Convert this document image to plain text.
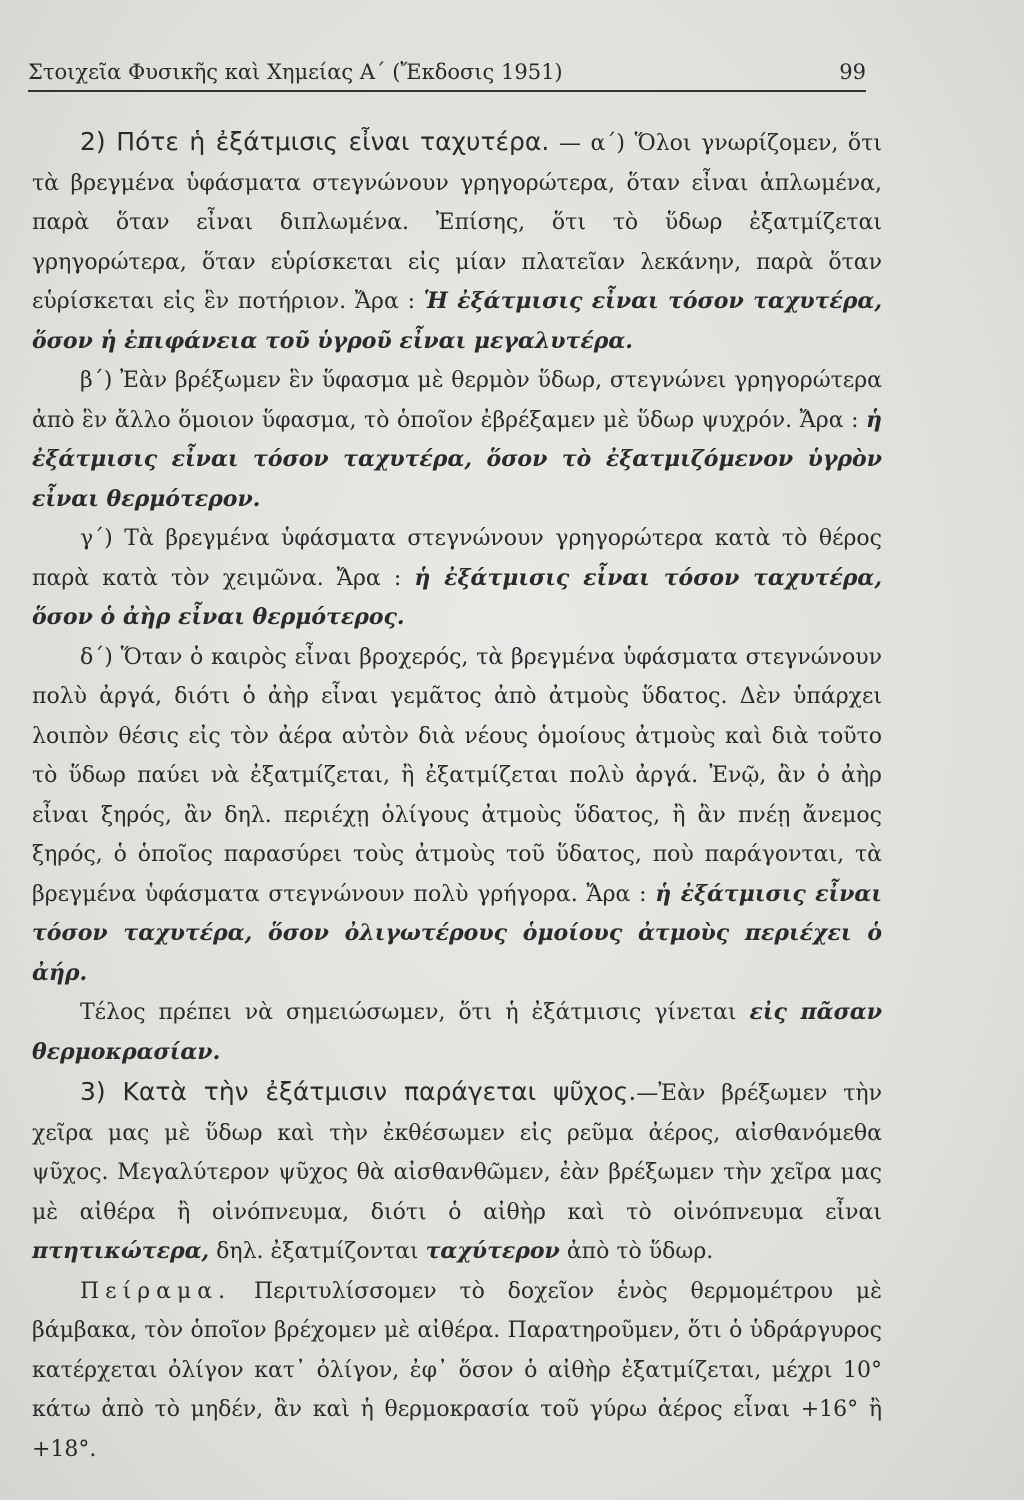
Στοιχεῖα Φυσικῆς καὶ Χημείας Α΄ (Ἔκδοσις 1951)	99

2) Πότε ἡ ἐξάτμισις εἶναι ταχυτέρα. — α΄) Ὅλοι γνωρίζομεν, ὅτι τὰ βρεγμένα ὑφάσματα στεγνώνουν γρηγορώτερα, ὅταν εἶναι ἁπλωμένα, παρὰ ὅταν εἶναι διπλωμένα. Ἐπίσης, ὅτι τὸ ὕδωρ ἐξατμίζεται γρηγορώτερα, ὅταν εὑρίσκεται εἰς μίαν πλατεῖαν λεκάνην, παρὰ ὅταν εὑρίσκεται εἰς ἓν ποτήριον. Ἄρα : Ἡ ἐξάτμισις εἶναι τόσον ταχυτέρα, ὅσον ἡ ἐπιφάνεια τοῦ ὑγροῦ εἶναι μεγαλυτέρα.

β΄) Ἐὰν βρέξωμεν ἓν ὕφασμα μὲ θερμὸν ὕδωρ, στεγνώνει γρηγορώτερα ἀπὸ ἓν ἄλλο ὅμοιον ὕφασμα, τὸ ὁποῖον ἐβρέξαμεν μὲ ὕδωρ ψυχρόν. Ἄρα : ἡ ἐξάτμισις εἶναι τόσον ταχυτέρα, ὅσον τὸ ἐξατμιζόμενον ὑγρὸν εἶναι θερμότερον.

γ΄) Τὰ βρεγμένα ὑφάσματα στεγνώνουν γρηγορώτερα κατὰ τὸ θέρος παρὰ κατὰ τὸν χειμῶνα. Ἄρα : ἡ ἐξάτμισις εἶναι τόσον ταχυτέρα, ὅσον ὁ ἀὴρ εἶναι θερμότερος.

δ΄) Ὅταν ὁ καιρὸς εἶναι βροχερός, τὰ βρεγμένα ὑφάσματα στεγνώνουν πολὺ ἀργά, διότι ὁ ἀὴρ εἶναι γεμᾶτος ἀπὸ ἀτμοὺς ὕδατος. Δὲν ὑπάρχει λοιπὸν θέσις εἰς τὸν ἀέρα αὐτὸν διὰ νέους ὁμοίους ἀτμοὺς καὶ διὰ τοῦτο τὸ ὕδωρ παύει νὰ ἐξατμίζεται, ἢ ἐξατμίζεται πολὺ ἀργά. Ἐνῷ, ἂν ὁ ἀὴρ εἶναι ξηρός, ἂν δηλ. περιέχῃ ὀλίγους ἀτμοὺς ὕδατος, ἢ ἂν πνέῃ ἄνεμος ξηρός, ὁ ὁποῖος παρασύρει τοὺς ἀτμοὺς τοῦ ὕδατος, ποὺ παράγονται, τὰ βρεγμένα ὑφάσματα στεγνώνουν πολὺ γρήγορα. Ἄρα : ἡ ἐξάτμισις εἶναι τόσον ταχυτέρα, ὅσον ὀλιγωτέρους ὁμοίους ἀτμοὺς περιέχει ὁ ἀήρ.

Τέλος πρέπει νὰ σημειώσωμεν, ὅτι ἡ ἐξάτμισις γίνεται εἰς πᾶσαν θερμοκρασίαν.

3) Κατὰ τὴν ἐξάτμισιν παράγεται ψῦχος.—Ἐὰν βρέξωμεν τὴν χεῖρα μας μὲ ὕδωρ καὶ τὴν ἐκθέσωμεν εἰς ρεῦμα ἀέρος, αἰσθανόμεθα ψῦχος. Μεγαλύτερον ψῦχος θὰ αἰσθανθῶμεν, ἐὰν βρέξωμεν τὴν χεῖρα μας μὲ αἰθέρα ἢ οἰνόπνευμα, διότι ὁ αἰθὴρ καὶ τὸ οἰνόπνευμα εἶναι πτητικώτερα, δηλ. ἐξατμίζονται ταχύτερον ἀπὸ τὸ ὕδωρ.

Πείραμα. Περιτυλίσσομεν τὸ δοχεῖον ἑνὸς θερμομέτρου μὲ βάμβακα, τὸν ὁποῖον βρέχομεν μὲ αἰθέρα. Παρατηροῦμεν, ὅτι ὁ ὑδράργυρος κατέρχεται ὀλίγον κατ᾿ ὀλίγον, ἐφ᾿ ὅσον ὁ αἰθὴρ ἐξατμίζεται, μέχρι 10° κάτω ἀπὸ τὸ μηδέν, ἂν καὶ ἡ θερμοκρασία τοῦ γύρω ἀέρος εἶναι +16° ἢ +18°.
